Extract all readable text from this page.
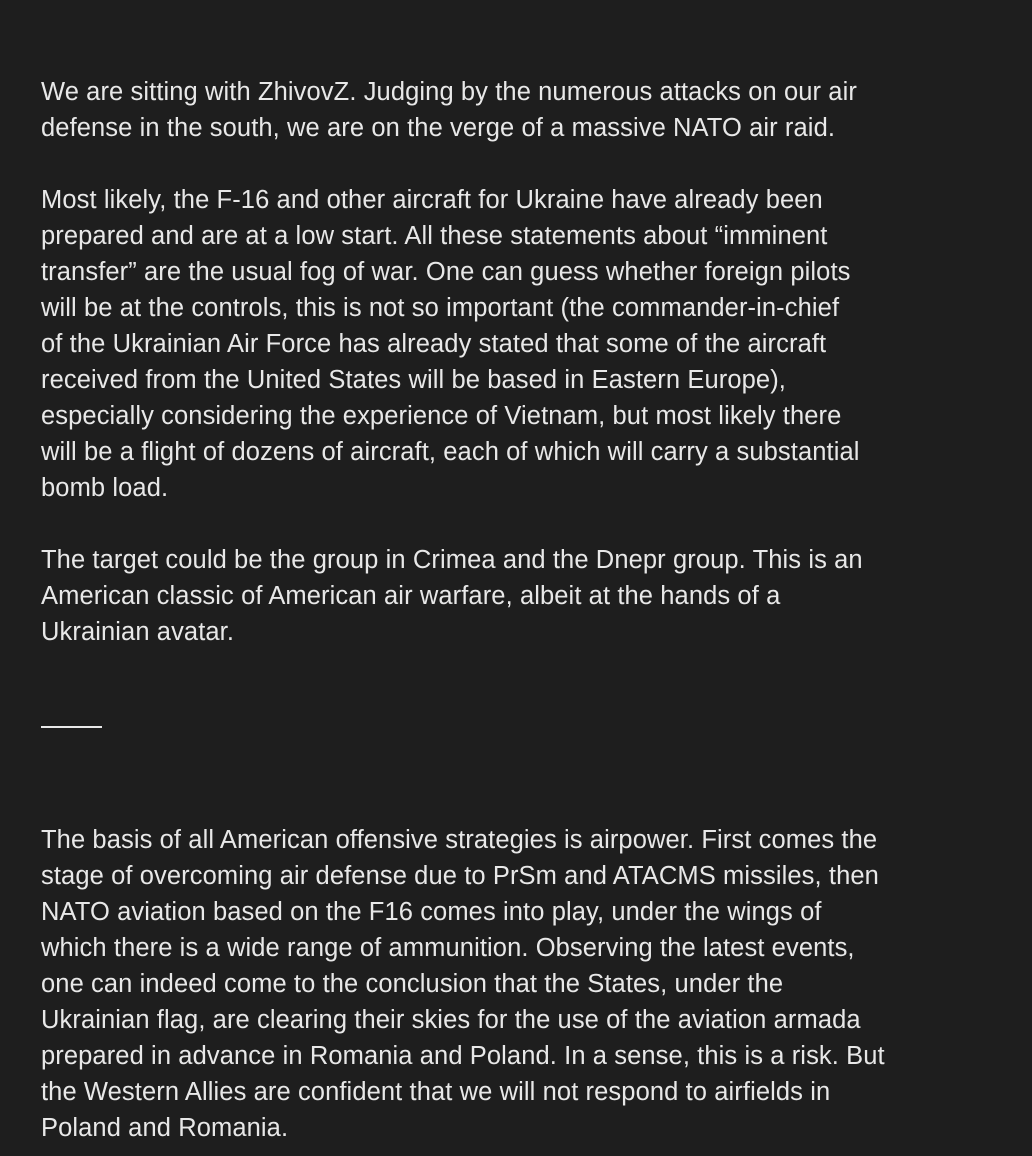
We are sitting with ZhivovZ. Judging by the numerous attacks on our air
defense in the south, we are on the verge of a massive NATO air raid.

Most likely, the F-16 and other aircraft for Ukraine have already been
prepared and are at a low start. All these statements about “imminent
transfer” are the usual fog of war. One can guess whether foreign pilots
will be at the controls, this is not so important (the commander-in-chief
of the Ukrainian Air Force has already stated that some of the aircraft
received from the United States will be based in Eastern Europe),
especially considering the experience of Vietnam, but most likely there
will be a flight of dozens of aircraft, each of which will carry a substantial
bomb load.

The target could be the group in Crimea and the Dnepr group. This is an
American classic of American air warfare, albeit at the hands of a
Ukrainian avatar.

The basis of all American offensive strategies is airpower. First comes the
stage of overcoming air defense due to PrSm and ATACMS missiles, then
NATO aviation based on the F16 comes into play, under the wings of
which there is a wide range of ammunition. Observing the latest events,
one can indeed come to the conclusion that the States, under the
Ukrainian flag, are clearing their skies for the use of the aviation armada
prepared in advance in Romania and Poland. In a sense, this is a risk. But
the Western Allies are confident that we will not respond to airfields in
Poland and Romania.
